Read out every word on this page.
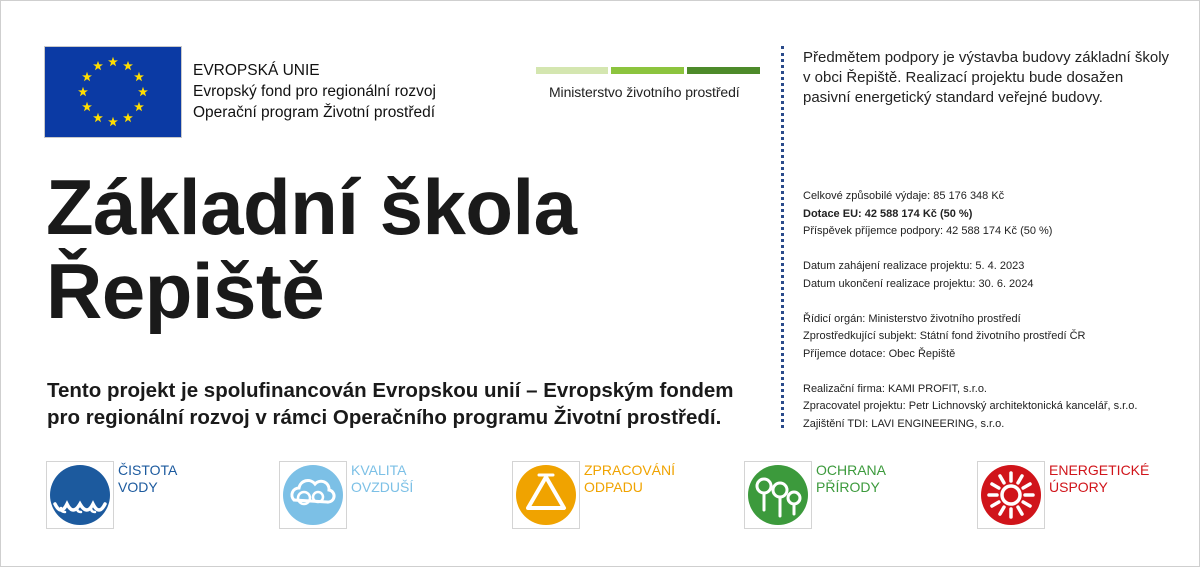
EVROPSKÁ UNIE
Evropský fond pro regionální rozvoj
Operační program Životní prostředí
Ministerstvo životního prostředí
Základní škola
Řepiště
Tento projekt je spolufinancován Evropskou unií – Evropským fondem
pro regionální rozvoj v rámci Operačního programu Životní prostředí.
Předmětem podpory je výstavba budovy základní školy v obci Řepiště. Realizací projektu bude dosažen pasivní energetický standard veřejné budovy.
Celkové způsobilé výdaje: 85 176 348 Kč
Dotace EU: 42 588 174 Kč (50 %)
Příspěvek příjemce podpory: 42 588 174 Kč (50 %)
Datum zahájení realizace projektu: 5. 4. 2023
Datum ukončení realizace projektu: 30. 6. 2024
Řídicí orgán: Ministerstvo životního prostředí
Zprostředkující subjekt: Státní fond životního prostředí ČR
Příjemce dotace: Obec Řepiště
Realizační firma: KAMI PROFIT, s.r.o.
Zpracovatel projektu: Petr Lichnovský architektonická kancelář, s.r.o.
Zajištění TDI: LAVI ENGINEERING, s.r.o.
ČISTOTA
VODY
KVALITA
OVZDUŠÍ
ZPRACOVÁNÍ
ODPADU
OCHRANA
PŘÍRODY
ENERGETICKÉ
ÚSPORY
